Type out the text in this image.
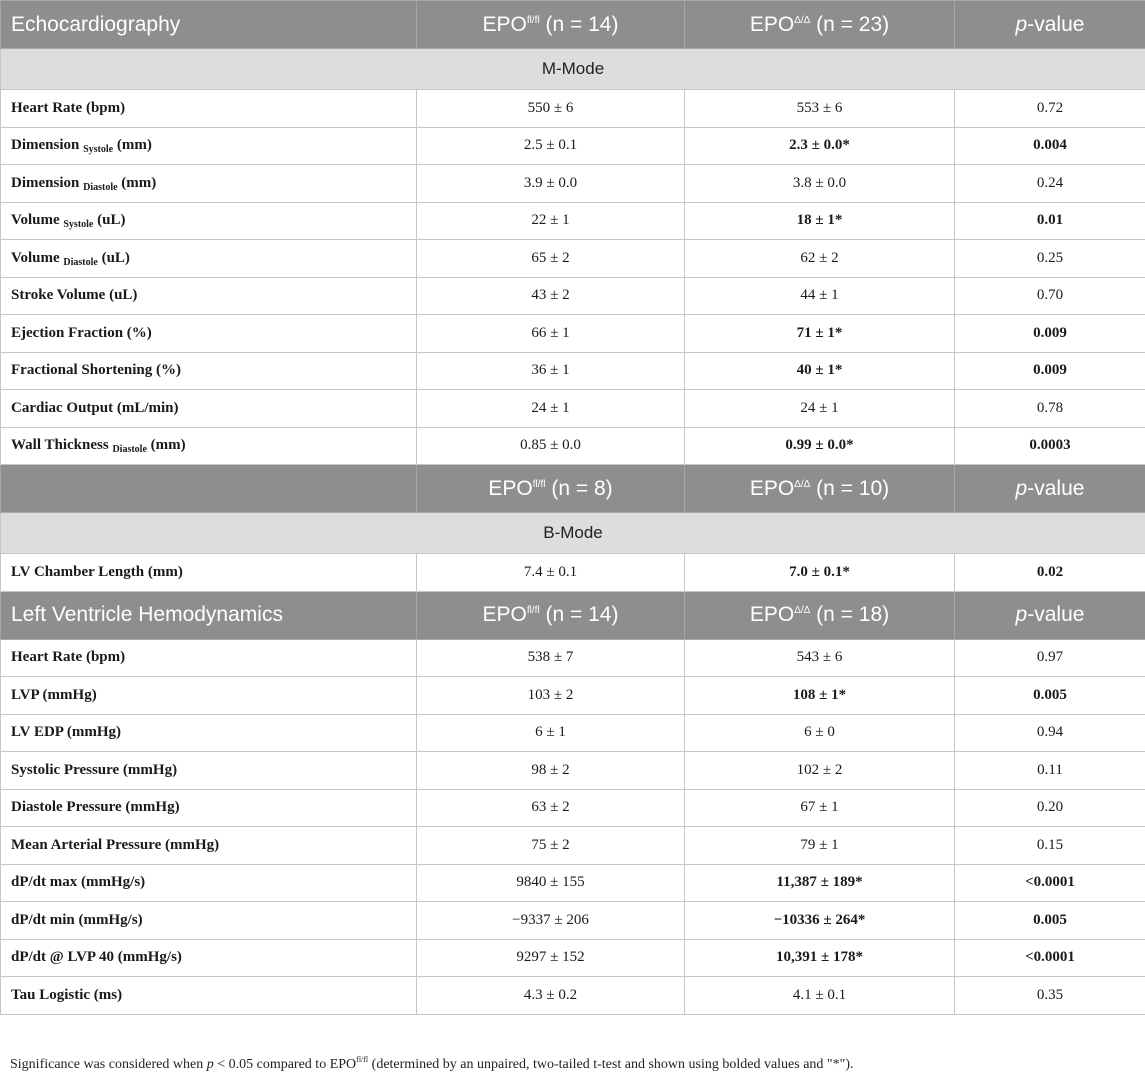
Echocardiography	$EPO^{fl/fl}$ (n = 14)	$EPO^{\Delta/\Delta}$ (n = 23)	p-value
M-Mode			
Heart Rate (bpm)	550 ± 6	553 ± 6	0.72
Dimension $_{Systole}$ (mm)	2.5 ± 0.1	2.3 ± 0.0*	0.004
Dimension $_{Diastole}$ (mm)	3.9 ± 0.0	3.8 ± 0.0	0.24
Volume $_{Systole}$ (uL)	22 ± 1	18 ± 1*	0.01
Volume $_{Diastole}$ (uL)	65 ± 2	62 ± 2	0.25
Stroke Volume (uL)	43 ± 2	44 ± 1	0.70
Ejection Fraction (%)	66 ± 1	71 ± 1*	0.009
Fractional Shortening (%)	36 ± 1	40 ± 1*	0.009
Cardiac Output (mL/min)	24 ± 1	24 ± 1	0.78
Wall Thickness $_{Diastole}$ (mm)	0.85 ± 0.0	0.99 ± 0.0*	0.0003
	$EPO^{fl/fl}$ (n = 8)	$EPO^{\Delta/\Delta}$ (n = 10)	p-value
B-Mode			
LV Chamber Length (mm)	7.4 ± 0.1	7.0 ± 0.1*	0.02
Left Ventricle Hemodynamics	$EPO^{fl/fl}$ (n = 14)	$EPO^{\Delta/\Delta}$ (n = 18)	p-value
Heart Rate (bpm)	538 ± 7	543 ± 6	0.97
LVP (mmHg)	103 ± 2	108 ± 1*	0.005
LV EDP (mmHg)	6 ± 1	6 ± 0	0.94
Systolic Pressure (mmHg)	98 ± 2	102 ± 2	0.11
Diastole Pressure (mmHg)	63 ± 2	67 ± 1	0.20
Mean Arterial Pressure (mmHg)	75 ± 2	79 ± 1	0.15
dP/dt max (mmHg/s)	9840 ± 155	11,387 ± 189*	<0.0001
dP/dt min (mmHg/s)	−9337 ± 206	−10336 ± 264*	0.005
dP/dt @ LVP 40 (mmHg/s)	9297 ± 152	10,391 ± 178*	<0.0001
Tau Logistic (ms)	4.3 ± 0.2	4.1 ± 0.1	0.35
Significance was considered when p < 0.05 compared to $EPO^{fl/fl}$ (determined by an unpaired, two-tailed t-test and shown using bolded values and "*").
